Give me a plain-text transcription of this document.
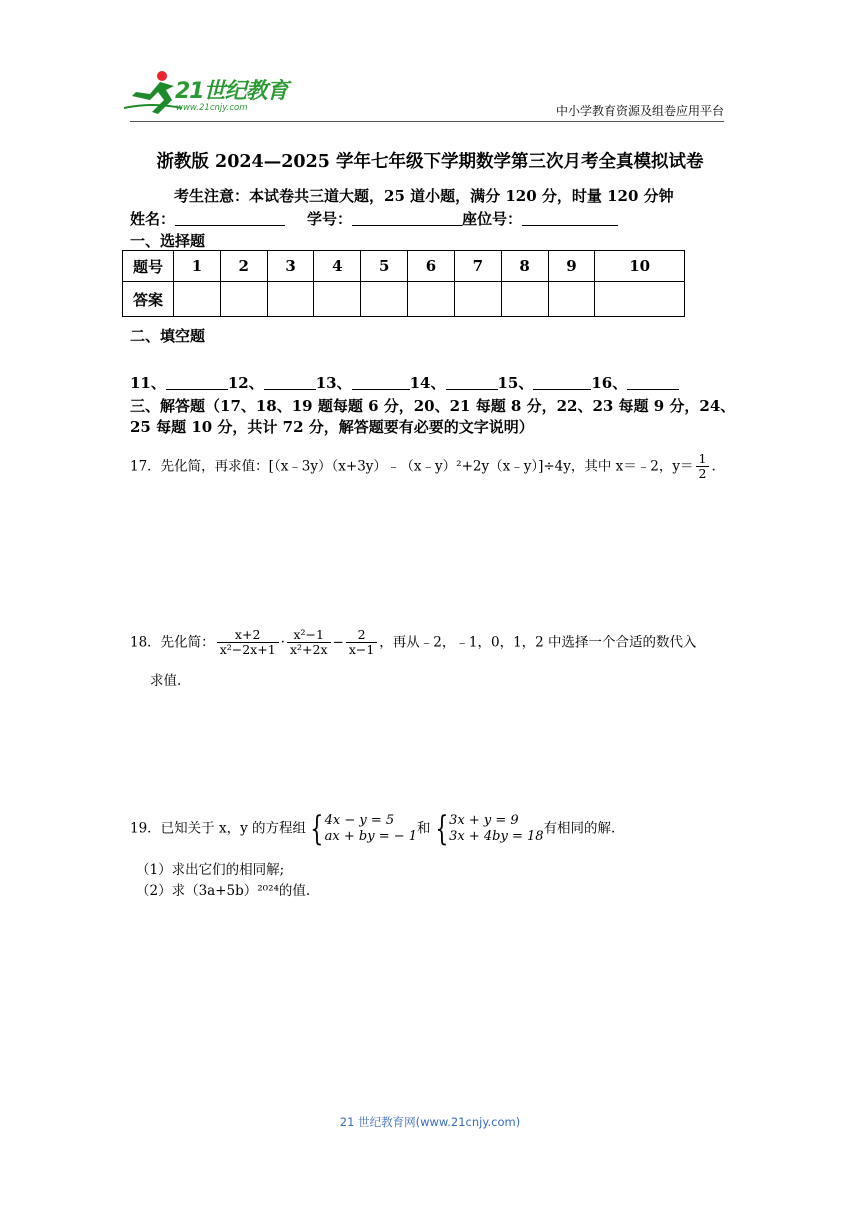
21世纪教育
www.21cnjy.com	中小学教育资源及组卷应用平台
浙教版 2024—2025 学年七年级下学期数学第三次月考全真模拟试卷
考生注意：本试卷共三道大题，25 道小题，满分 120 分，时量 120 分钟
姓名：	学号：	座位号：
一、选择题
题号	1	2	3	4	5	6	7	8	9	10
答案										
二、填空题
11、	12、	13、	14、	15、	16、
三、解答题（17、18、19 题每题 6 分，20、21 每题 8 分，22、23 每题 9 分，24、
25 每题 10 分，共计 72 分，解答题要有必要的文字说明）
17．先化简，再求值：[（x﹣3y）（x+3y）﹣（x﹣y）²+2y（x﹣y）]÷4y，其中 x＝﹣2，$y= \frac{1}{2}$ .
18．先化简： $\frac{x+2}{\text{x²−2x+1}} \cdot \frac{\text{x²−1}}{\text{x²+2x}} - \frac{2}{x-1}$ ，再从﹣2，﹣1，0，1，2 中选择一个合适的数代入
求值.
19．已知关于 x，y 的方程组 { 4x − y = 5
ax + by = − 1 和 { 3x + y = 9
3x + 4by = 18 有相同的解.
（1）求出它们的相同解;
（2）求（3a+5b）²⁰²⁴的值.
21 世纪教育网(www.21cnjy.com)
